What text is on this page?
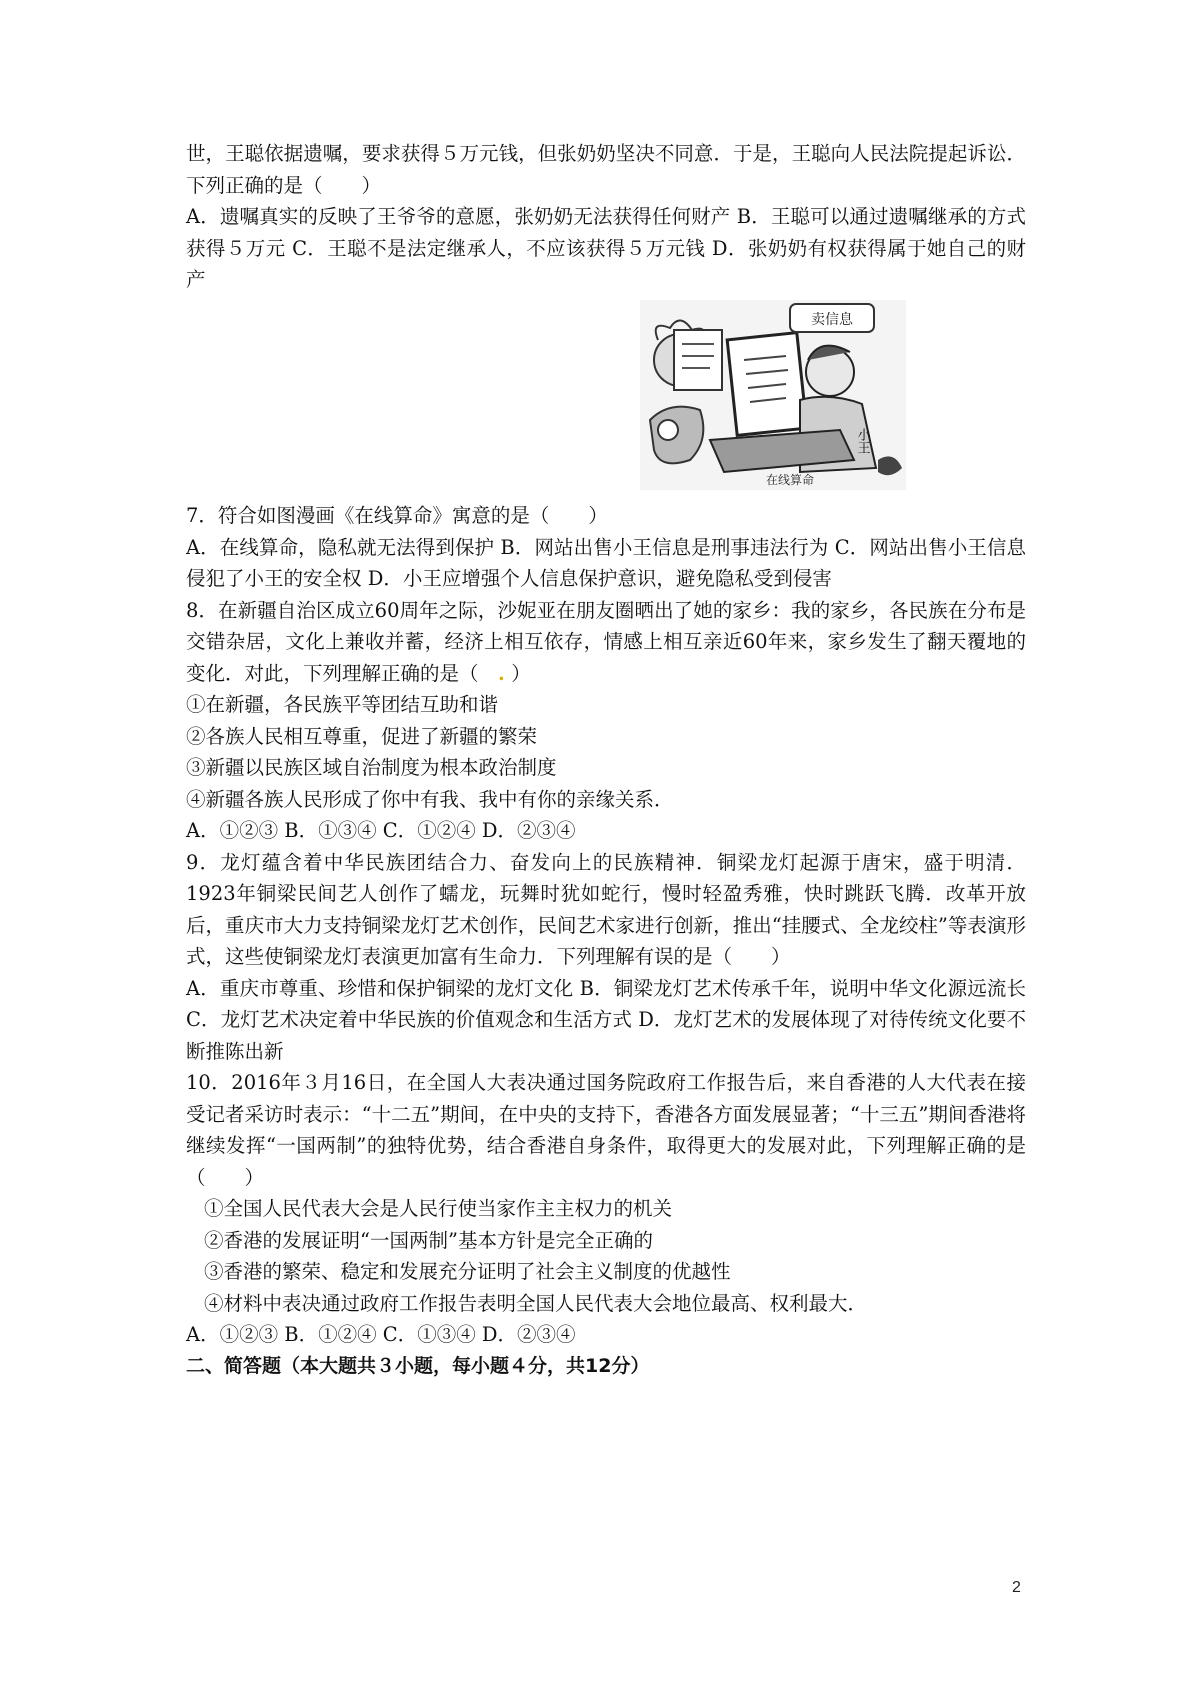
世，王聪依据遗嘱，要求获得５万元钱，但张奶奶坚决不同意．于是，王聪向人民法院提起诉讼．下列正确的是（　　）

A．遗嘱真实的反映了王爷爷的意愿，张奶奶无法获得任何财产 B．王聪可以通过遗嘱继承的方式获得５万元 C．王聪不是法定继承人，不应该获得５万元钱 D．张奶奶有权获得属于她自己的财产

卖信息
小王
在线算命

7．符合如图漫画《在线算命》寓意的是（　　）

A．在线算命，隐私就无法得到保护 B．网站出售小王信息是刑事违法行为 C．网站出售小王信息侵犯了小王的安全权 D．小王应增强个人信息保护意识，避免隐私受到侵害

8．在新疆自治区成立60周年之际，沙妮亚在朋友圈晒出了她的家乡：我的家乡，各民族在分布是交错杂居，文化上兼收并蓄，经济上相互依存，情感上相互亲近60年来，家乡发生了翻天覆地的变化．对此，下列理解正确的是（  .  ）

①在新疆，各民族平等团结互助和谐

②各族人民相互尊重，促进了新疆的繁荣

③新疆以民族区域自治制度为根本政治制度

④新疆各族人民形成了你中有我、我中有你的亲缘关系．

A．①②③ B．①③④ C．①②④ D．②③④

9．龙灯蕴含着中华民族团结合力、奋发向上的民族精神．铜梁龙灯起源于唐宋，盛于明清．1923年铜梁民间艺人创作了蠕龙，玩舞时犹如蛇行，慢时轻盈秀雅，快时跳跃飞腾．改革开放后，重庆市大力支持铜梁龙灯艺术创作，民间艺术家进行创新，推出“挂腰式、全龙绞柱”等表演形式，这些使铜梁龙灯表演更加富有生命力．下列理解有误的是（　　）

A．重庆市尊重、珍惜和保护铜梁的龙灯文化 B．铜梁龙灯艺术传承千年，说明中华文化源远流长 C．龙灯艺术决定着中华民族的价值观念和生活方式 D．龙灯艺术的发展体现了对待传统文化要不断推陈出新

10．2016年３月16日，在全国人大表决通过国务院政府工作报告后，来自香港的人大代表在接受记者采访时表示：“十二五”期间，在中央的支持下，香港各方面发展显著；“十三五”期间香港将继续发挥“一国两制”的独特优势，结合香港自身条件，取得更大的发展对此，下列理解正确的是（　　）

①全国人民代表大会是人民行使当家作主主权力的机关

②香港的发展证明“一国两制”基本方针是完全正确的

③香港的繁荣、稳定和发展充分证明了社会主义制度的优越性

④材料中表决通过政府工作报告表明全国人民代表大会地位最高、权利最大．

A．①②③ B．①②④ C．①③④ D．②③④

二、简答题（本大题共３小题，每小题４分，共12分）

2
